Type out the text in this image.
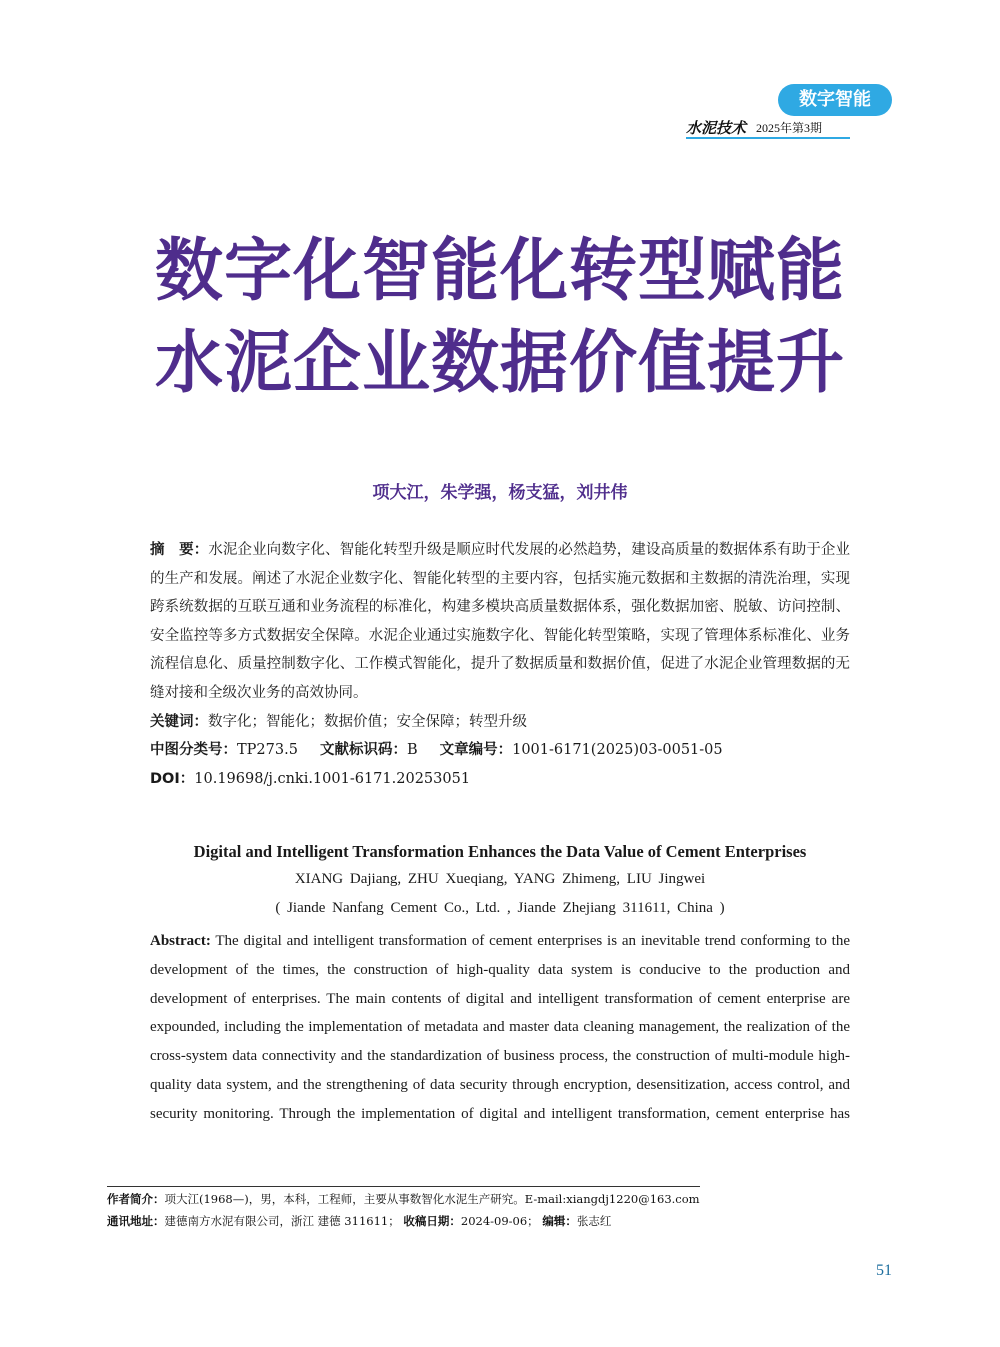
数字智能
水泥技术 2025年第3期
数字化智能化转型赋能
水泥企业数据价值提升
项大江，朱学强，杨支猛，刘井伟

摘　要：水泥企业向数字化、智能化转型升级是顺应时代发展的必然趋势，建设高质量的数据体系有助于企业的生产和发展。阐述了水泥企业数字化、智能化转型的主要内容，包括实施元数据和主数据的清洗治理，实现跨系统数据的互联互通和业务流程的标准化，构建多模块高质量数据体系，强化数据加密、脱敏、访问控制、安全监控等多方式数据安全保障。水泥企业通过实施数字化、智能化转型策略，实现了管理体系标准化、业务流程信息化、质量控制数字化、工作模式智能化，提升了数据质量和数据价值，促进了水泥企业管理数据的无缝对接和全级次业务的高效协同。

关键词：数字化；智能化；数据价值；安全保障；转型升级

中图分类号：TP273.5 文献标识码：B 文章编号：1001-6171(2025)03-0051-05

DOI：10.19698/j.cnki.1001-6171.20253051

Digital and Intelligent Transformation Enhances the Data Value of Cement Enterprises
XIANG Dajiang, ZHU Xueqiang, YANG Zhimeng, LIU Jingwei
( Jiande Nanfang Cement Co., Ltd. , Jiande Zhejiang 311611, China )

Abstract: The digital and intelligent transformation of cement enterprises is an inevitable trend conforming to the development of the times, the construction of high-quality data system is conducive to the production and development of enterprises. The main contents of digital and intelligent transformation of cement enterprise are expounded, including the implementation of metadata and master data cleaning management, the realization of the cross-system data connectivity and the standardization of business process, the construction of multi-module high-quality data system, and the strengthening of data security through encryption, desensitization, access control, and security monitoring. Through the implementation of digital and intelligent transformation, cement enterprise has

作者简介：项大江(1968—)，男，本科，工程师，主要从事数智化水泥生产研究。E-mail:xiangdj1220@163.com
通讯地址：建德南方水泥有限公司，浙江 建德 311611； 收稿日期：2024-09-06； 编辑：张志红
51
